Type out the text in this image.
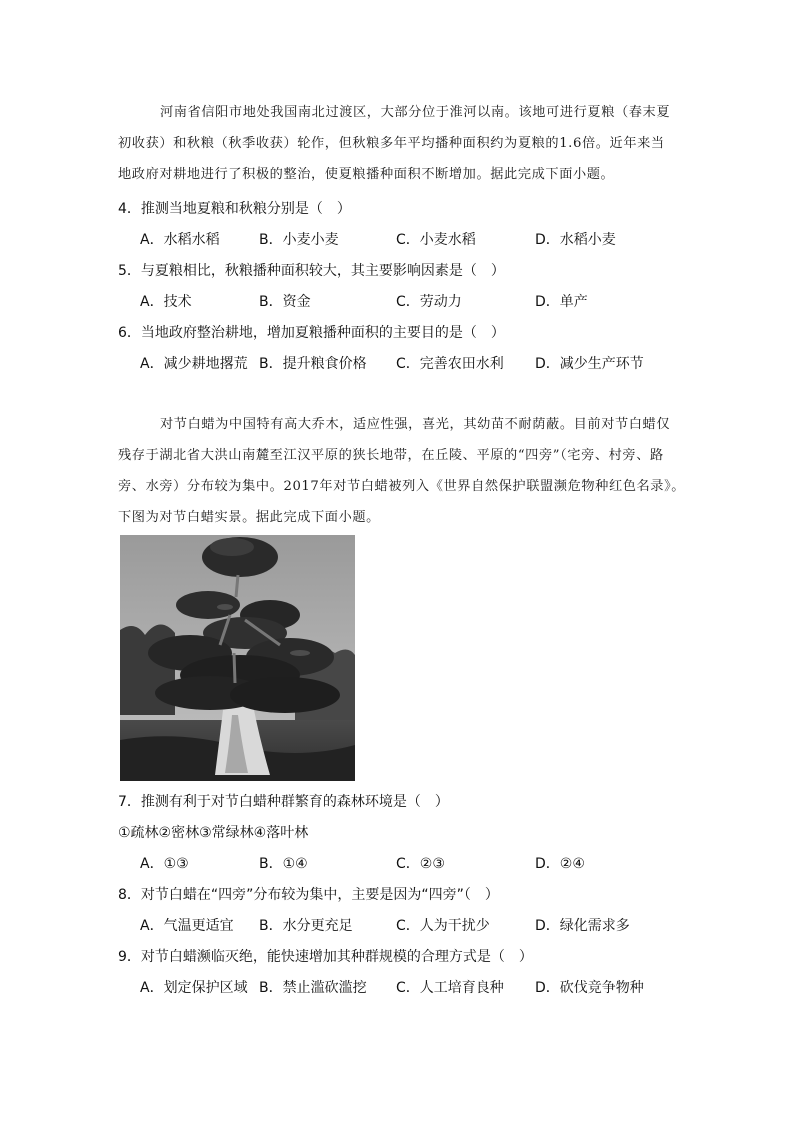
河南省信阳市地处我国南北过渡区，大部分位于淮河以南。该地可进行夏粮（春末夏
初收获）和秋粮（秋季收获）轮作，但秋粮多年平均播种面积约为夏粮的1.6倍。近年来当
地政府对耕地进行了积极的整治，使夏粮播种面积不断增加。据此完成下面小题。
4．推测当地夏粮和秋粮分别是（　）
A．水稻水稻	B．小麦小麦	C．小麦水稻	D．水稻小麦
5．与夏粮相比，秋粮播种面积较大，其主要影响因素是（　）
A．技术	B．资金	C．劳动力	D．单产
6．当地政府整治耕地，增加夏粮播种面积的主要目的是（　）
A．减少耕地撂荒 B．提升粮食价格 C．完善农田水利 D．减少生产环节
对节白蜡为中国特有高大乔木，适应性强，喜光，其幼苗不耐荫蔽。目前对节白蜡仅
残存于湖北省大洪山南麓至江汉平原的狭长地带，在丘陵、平原的“四旁”（宅旁、村旁、路
旁、水旁）分布较为集中。2017年对节白蜡被列入《世界自然保护联盟濒危物种红色名录》。
下图为对节白蜡实景。据此完成下面小题。
7．推测有利于对节白蜡种群繁育的森林环境是（　）
①疏林②密林③常绿林④落叶林
A．①③	B．①④	C．②③	D．②④
8．对节白蜡在“四旁”分布较为集中，主要是因为“四旁”（　）
A．气温更适宜 B．水分更充足	C．人为干扰少	D．绿化需求多
9．对节白蜡濒临灭绝，能快速增加其种群规模的合理方式是（　）
A．划定保护区域 B．禁止滥砍滥挖 C．人工培育良种 D．砍伐竞争物种
